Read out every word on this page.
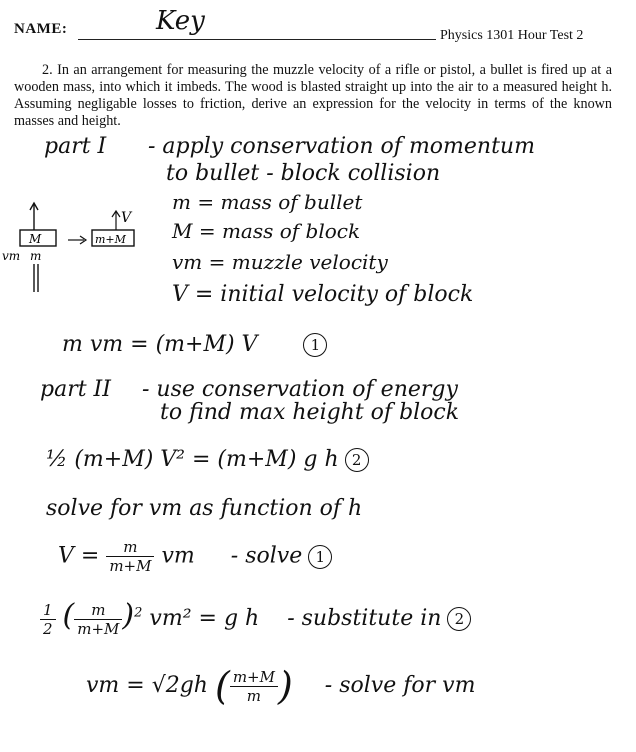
NAME:	Key	Physics 1301 Hour Test 2
2. In an arrangement for measuring the muzzle velocity of a rifle or pistol, a bullet is fired up at a wooden mass, into which it imbeds. The wood is blasted straight up into the air to a measured height h. Assuming negligable losses to friction, derive an expression for the velocity in terms of the known masses and height.
part I - apply conservation of momentum
to bullet - block collision
M	m+M
V
vm m
m = mass of bullet
M = mass of block
vm = muzzle velocity
V = initial velocity of block
m vm = (m+M) V	1
part II - use conservation of energy
to find max height of block
½ (m+M) V² = (m+M) g h 2
solve for vm as function of h
$V = \frac{m}{m+M}$ vm - solve 1
$\frac{1}{2}$ ( $\frac{m}{m+M} )^2$ vm² = g h - substitute in 2
vm = √2gh ( $\frac{m+M}{m}$ ) - solve for vm
